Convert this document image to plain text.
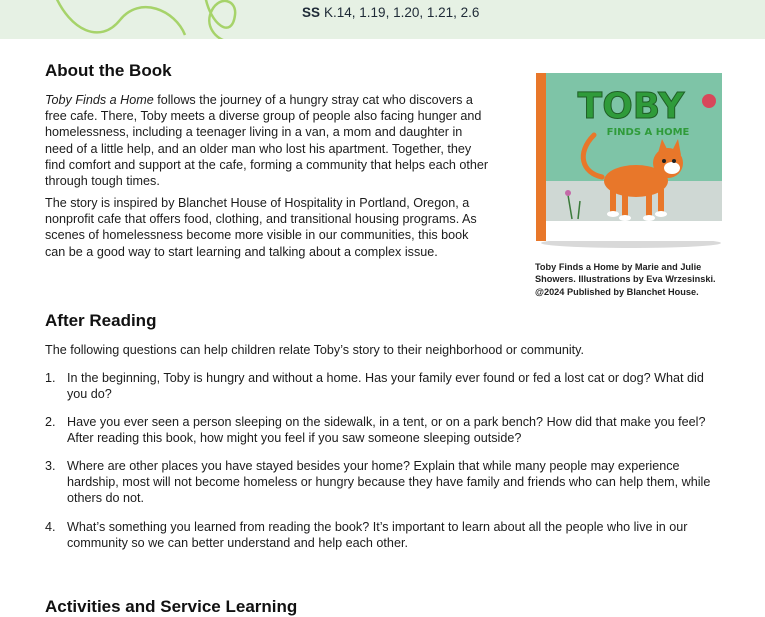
SS K.14, 1.19, 1.20, 1.21, 2.6
About the Book

Toby Finds a Home follows the journey of a hungry stray cat who discovers a free cafe. There, Toby meets a diverse group of people also facing hunger and homelessness, including a teenager living in a van, a mom and daughter in need of a little help, and an older man who lost his apartment. Together, they find comfort and support at the cafe, forming a community that helps each other through tough times.

The story is inspired by Blanchet House of Hospitality in Portland, Oregon, a nonprofit cafe that offers food, clothing, and transitional housing programs. As scenes of homelessness become more visible in our communities, this book can be a good way to start learning and talking about a complex issue.

TOBY
FINDS A HOME
Toby Finds a Home by Marie and Julie Showers. Illustrations by Eva Wrzesinski. @2024 Published by Blanchet House.
After Reading

The following questions can help children relate Toby’s story to their neighborhood or community.

1. In the beginning, Toby is hungry and without a home. Has your family ever found or fed a lost cat or dog? What did you do?
2. Have you ever seen a person sleeping on the sidewalk, in a tent, or on a park bench? How did that make you feel? After reading this book, how might you feel if you saw someone sleeping outside?
3. Where are other places you have stayed besides your home? Explain that while many people may experience hardship, most will not become homeless or hungry because they have family and friends who can help them, while others do not.
4. What’s something you learned from reading the book? It’s important to learn about all the people who live in our community so we can better understand and help each other.
Activities and Service Learning
